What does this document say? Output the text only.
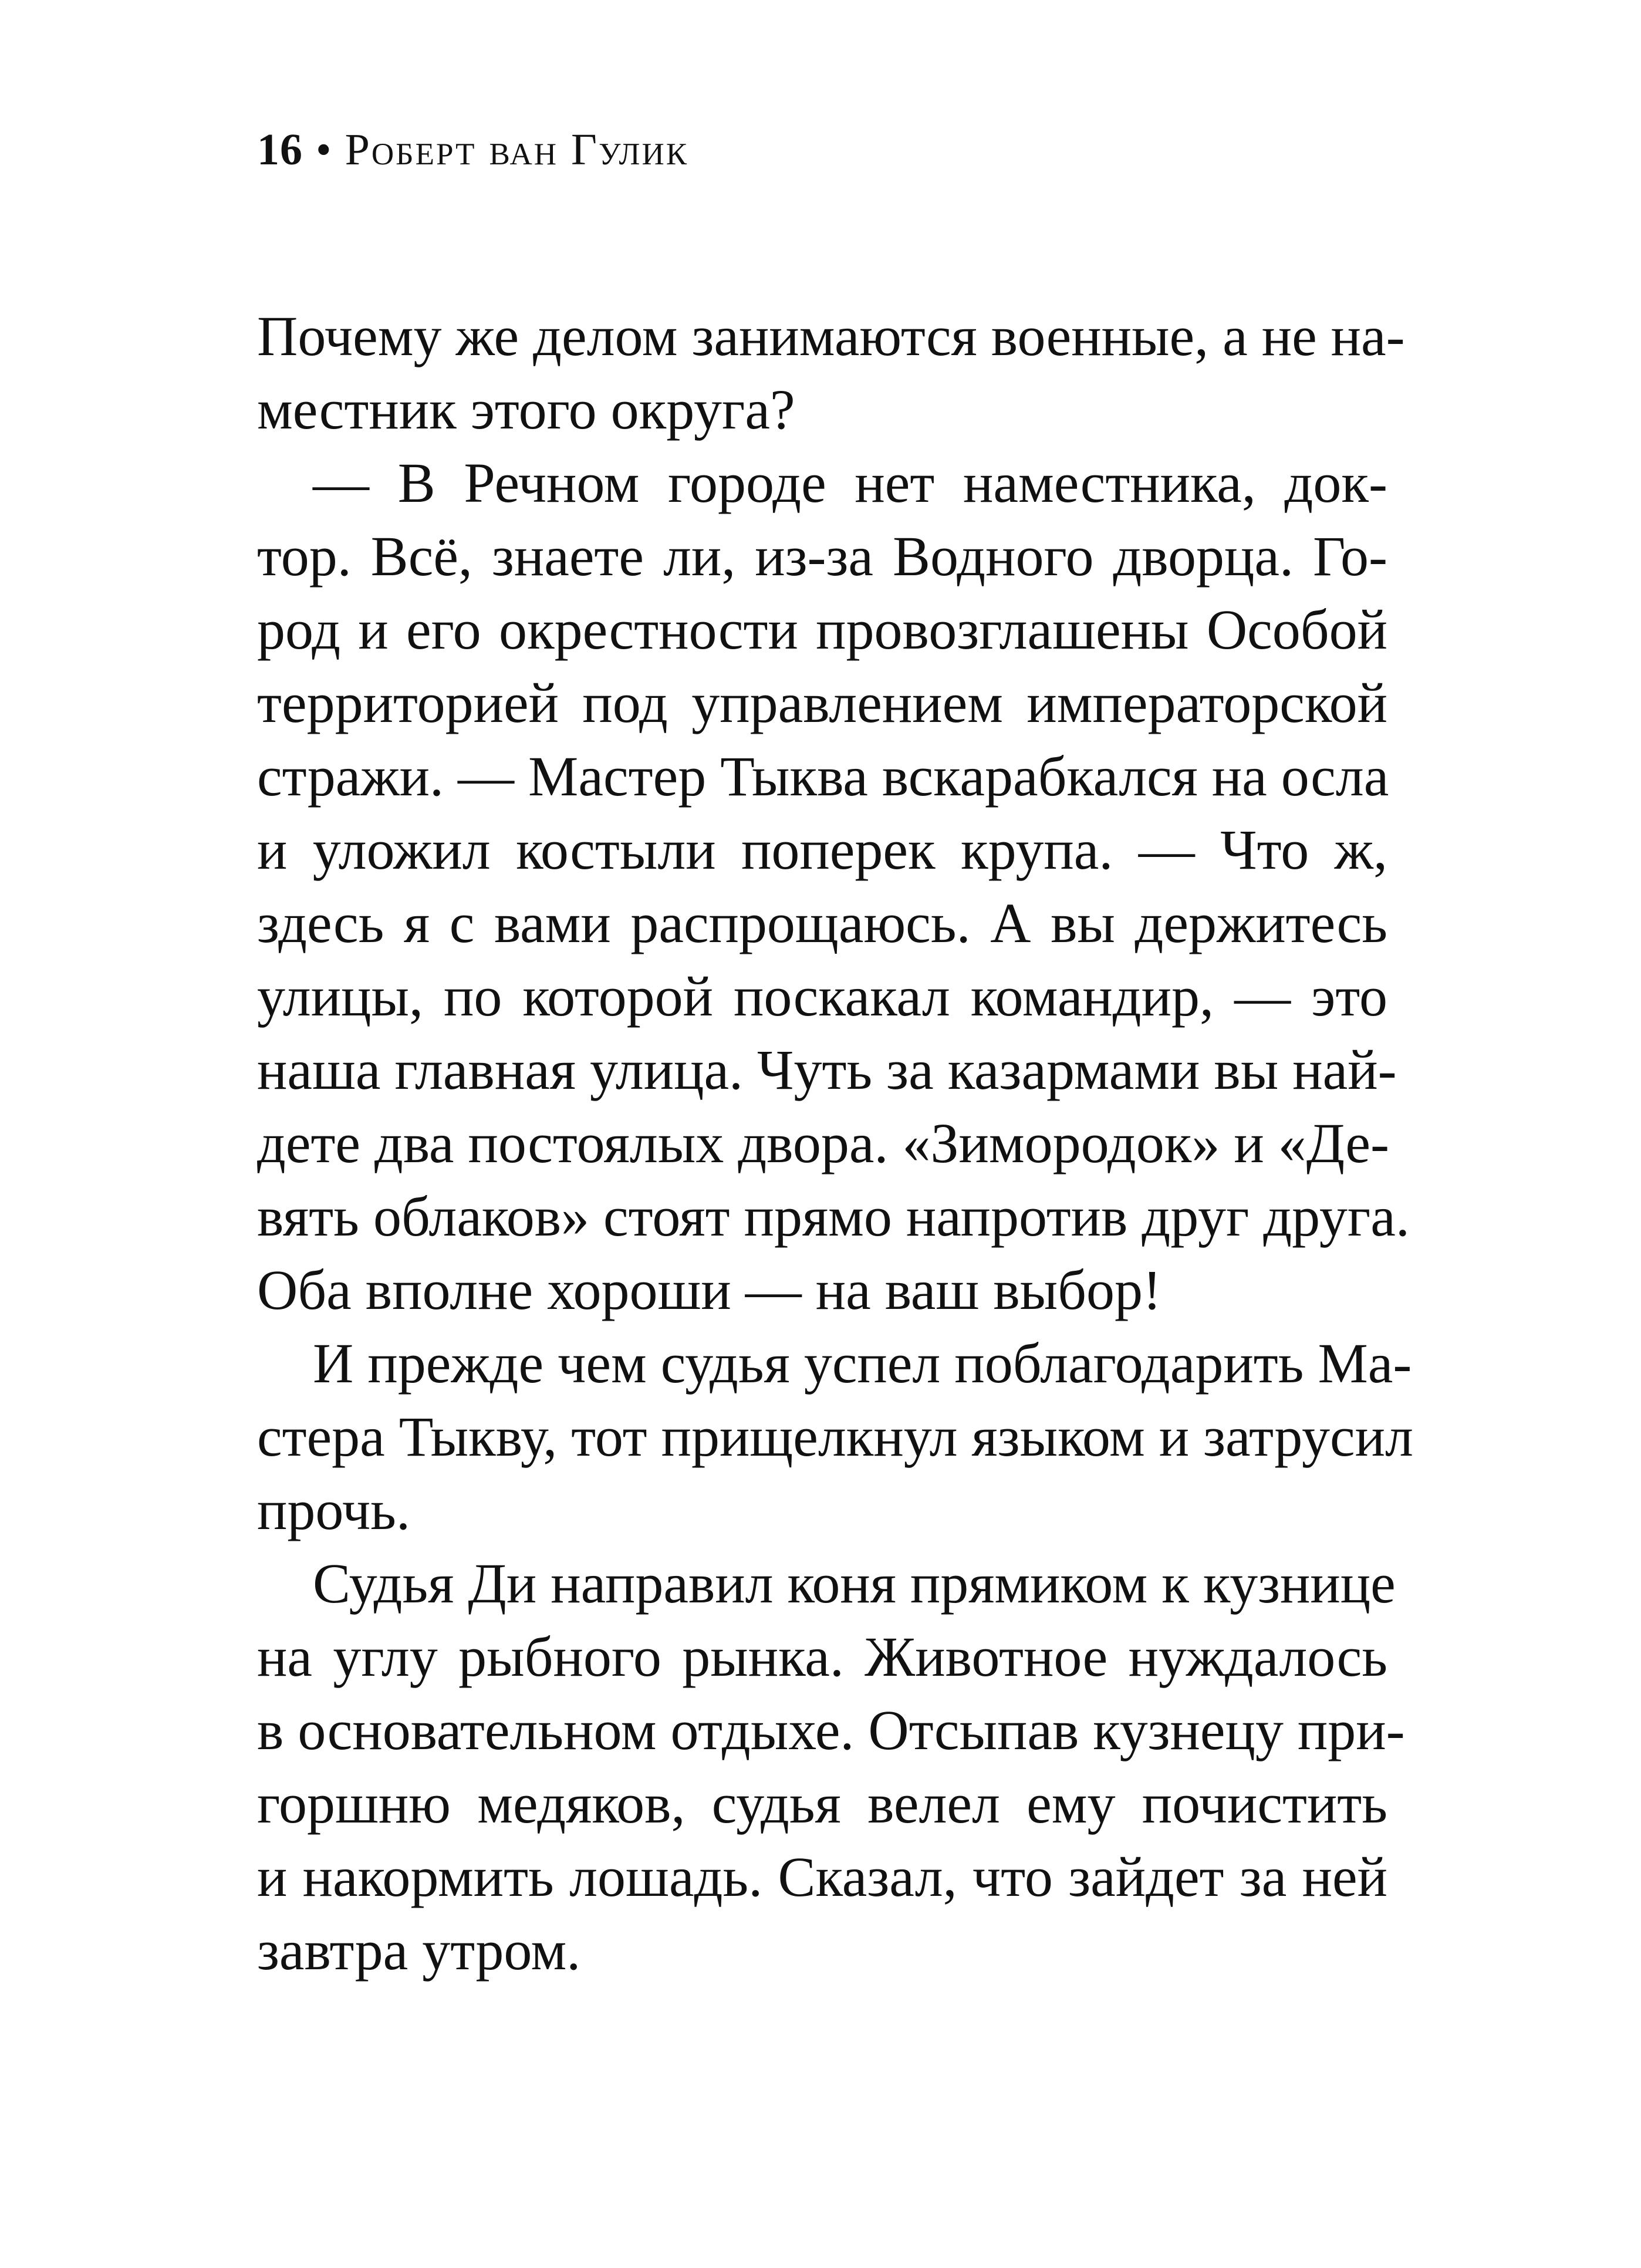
16 • Роберт ван Гулик
Почему же делом занимаются военные, а не на-
местник этого округа?
— В Речном городе нет наместника, док-
тор. Всё, знаете ли, из-за Водного дворца. Го-
род и его окрестности провозглашены Особой
территорией под управлением императорской
стражи. — Мастер Тыква вскарабкался на осла
и уложил костыли поперек крупа. — Что ж,
здесь я с вами распрощаюсь. А вы держитесь
улицы, по которой поскакал командир, — это
наша главная улица. Чуть за казармами вы най-
дете два постоялых двора. «Зимородок» и «Де-
вять облаков» стоят прямо напротив друг друга.
Оба вполне хороши — на ваш выбор!
И прежде чем судья успел поблагодарить Ма-
стера Тыкву, тот прищелкнул языком и затрусил
прочь.
Судья Ди направил коня прямиком к кузнице
на углу рыбного рынка. Животное нуждалось
в основательном отдыхе. Отсыпав кузнецу при-
горшню медяков, судья велел ему почистить
и накормить лошадь. Сказал, что зайдет за ней
завтра утром.
